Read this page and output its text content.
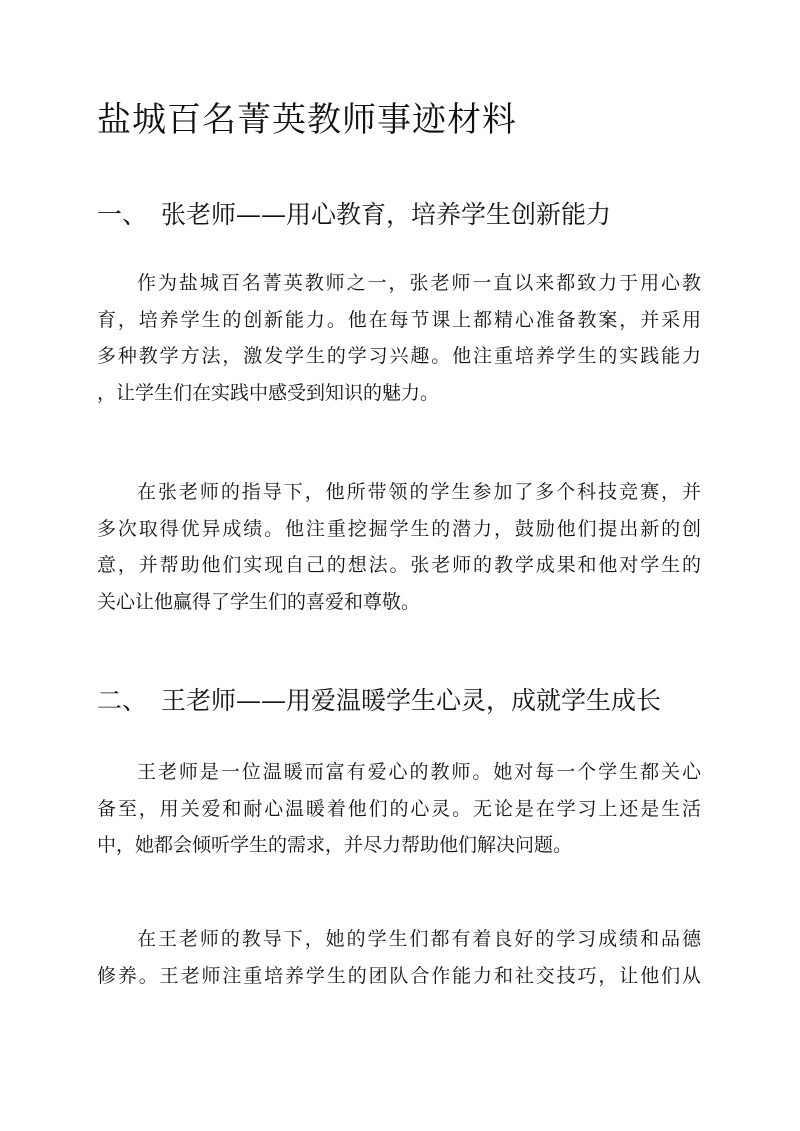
盐城百名菁英教师事迹材料
一、 张老师——用心教育，培养学生创新能力
作为盐城百名菁英教师之一，张老师一直以来都致力于用心教
育，培养学生的创新能力。他在每节课上都精心准备教案，并采用
多种教学方法，激发学生的学习兴趣。他注重培养学生的实践能力
，让学生们在实践中感受到知识的魅力。
在张老师的指导下，他所带领的学生参加了多个科技竞赛，并
多次取得优异成绩。他注重挖掘学生的潜力，鼓励他们提出新的创
意，并帮助他们实现自己的想法。张老师的教学成果和他对学生的
关心让他赢得了学生们的喜爱和尊敬。
二、 王老师——用爱温暖学生心灵，成就学生成长
王老师是一位温暖而富有爱心的教师。她对每一个学生都关心
备至，用关爱和耐心温暖着他们的心灵。无论是在学习上还是生活
中，她都会倾听学生的需求，并尽力帮助他们解决问题。
在王老师的教导下，她的学生们都有着良好的学习成绩和品德
修养。王老师注重培养学生的团队合作能力和社交技巧，让他们从
